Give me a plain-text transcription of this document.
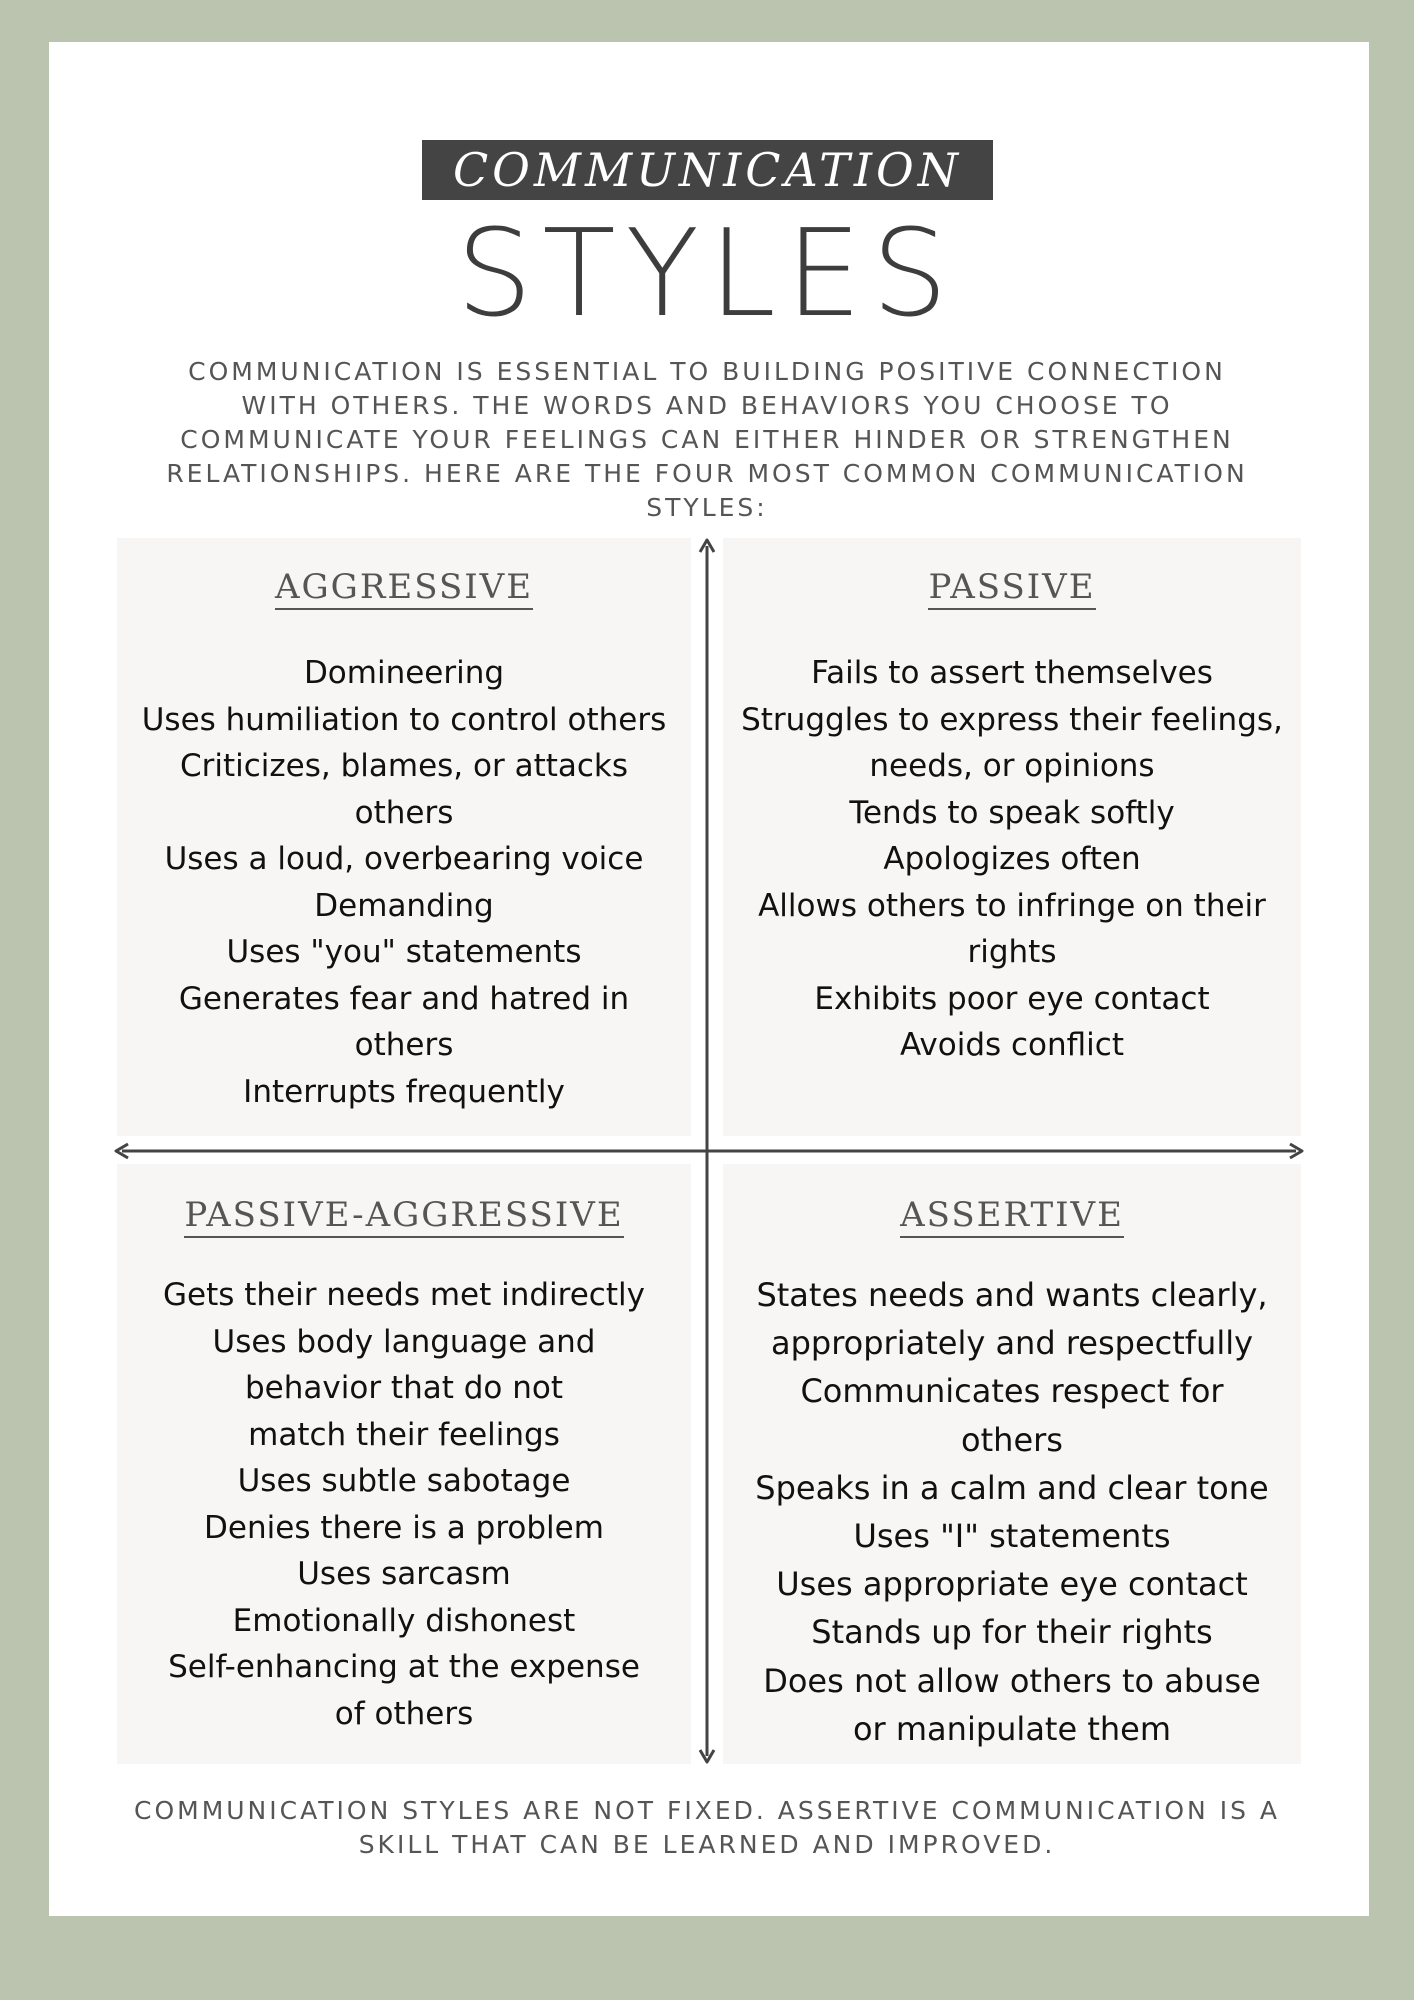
COMMUNICATION
STYLES
COMMUNICATION IS ESSENTIAL TO BUILDING POSITIVE CONNECTION WITH OTHERS. THE WORDS AND BEHAVIORS YOU CHOOSE TO COMMUNICATE YOUR FEELINGS CAN EITHER HINDER OR STRENGTHEN RELATIONSHIPS. HERE ARE THE FOUR MOST COMMON COMMUNICATION STYLES:
AGGRESSIVE
Domineering
Uses humiliation to control others
Criticizes, blames, or attacks others
Uses a loud, overbearing voice
Demanding
Uses "you" statements
Generates fear and hatred in others
Interrupts frequently
PASSIVE
Fails to assert themselves
Struggles to express their feelings, needs, or opinions
Tends to speak softly
Apologizes often
Allows others to infringe on their rights
Exhibits poor eye contact
Avoids conflict
PASSIVE-AGGRESSIVE
Gets their needs met indirectly
Uses body language and behavior that do not match their feelings
Uses subtle sabotage
Denies there is a problem
Uses sarcasm
Emotionally dishonest
Self-enhancing at the expense of others
ASSERTIVE
States needs and wants clearly, appropriately and respectfully
Communicates respect for others
Speaks in a calm and clear tone
Uses "I" statements
Uses appropriate eye contact
Stands up for their rights
Does not allow others to abuse or manipulate them
COMMUNICATION STYLES ARE NOT FIXED. ASSERTIVE COMMUNICATION IS A SKILL THAT CAN BE LEARNED AND IMPROVED.
